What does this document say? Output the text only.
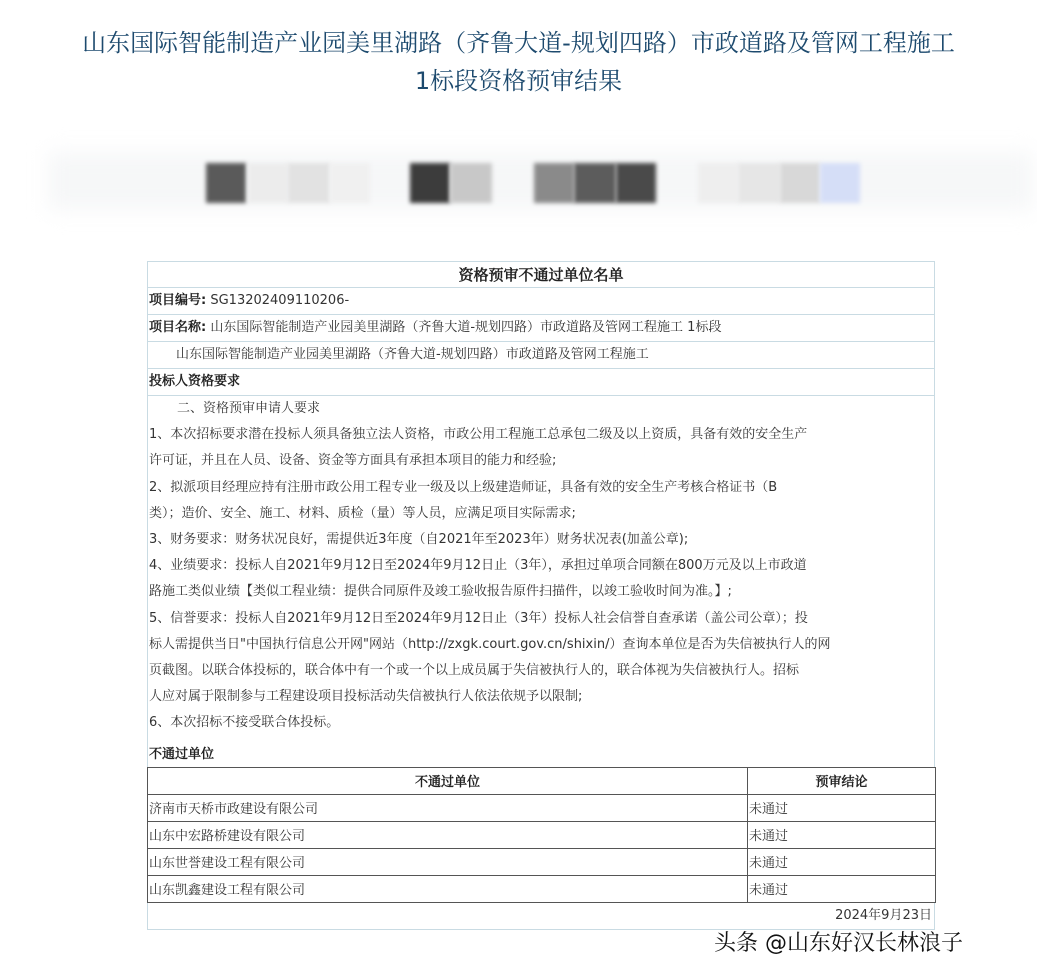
山东国际智能制造产业园美里湖路（齐鲁大道-规划四路）市政道路及管网工程施工
1标段资格预审结果
资格预审不通过单位名单
项目编号: SG13202409110206-
项目名称: 山东国际智能制造产业园美里湖路（齐鲁大道-规划四路）市政道路及管网工程施工 1标段
山东国际智能制造产业园美里湖路（齐鲁大道-规划四路）市政道路及管网工程施工
投标人资格要求

二、资格预审申请人要求

1、本次招标要求潜在投标人须具备独立法人资格，市政公用工程施工总承包二级及以上资质，具备有效的安全生产

许可证，并且在人员、设备、资金等方面具有承担本项目的能力和经验;

2、拟派项目经理应持有注册市政公用工程专业一级及以上级建造师证，具备有效的安全生产考核合格证书（B

类）；造价、安全、施工、材料、质检（量）等人员，应满足项目实际需求;

3、财务要求：财务状况良好，需提供近3年度（自2021年至2023年）财务状况表(加盖公章);

4、业绩要求：投标人自2021年9月12日至2024年9月12日止（3年），承担过单项合同额在800万元及以上市政道

路施工类似业绩【类似工程业绩：提供合同原件及竣工验收报告原件扫描件，以竣工验收时间为准。】;

5、信誉要求：投标人自2021年9月12日至2024年9月12日止（3年）投标人社会信誉自查承诺（盖公司公章）；投

标人需提供当日"中国执行信息公开网"网站（http://zxgk.court.gov.cn/shixin/）查询本单位是否为失信被执行人的网

页截图。以联合体投标的，联合体中有一个或一个以上成员属于失信被执行人的，联合体视为失信被执行人。招标

人应对属于限制参与工程建设项目投标活动失信被执行人依法依规予以限制;

6、本次招标不接受联合体投标。

不通过单位
不通过单位	预审结论
济南市天桥市政建设有限公司	未通过
山东中宏路桥建设有限公司	未通过
山东世誉建设工程有限公司	未通过
山东凯鑫建设工程有限公司	未通过
2024年9月23日
头条 @山东好汉长林浪子
